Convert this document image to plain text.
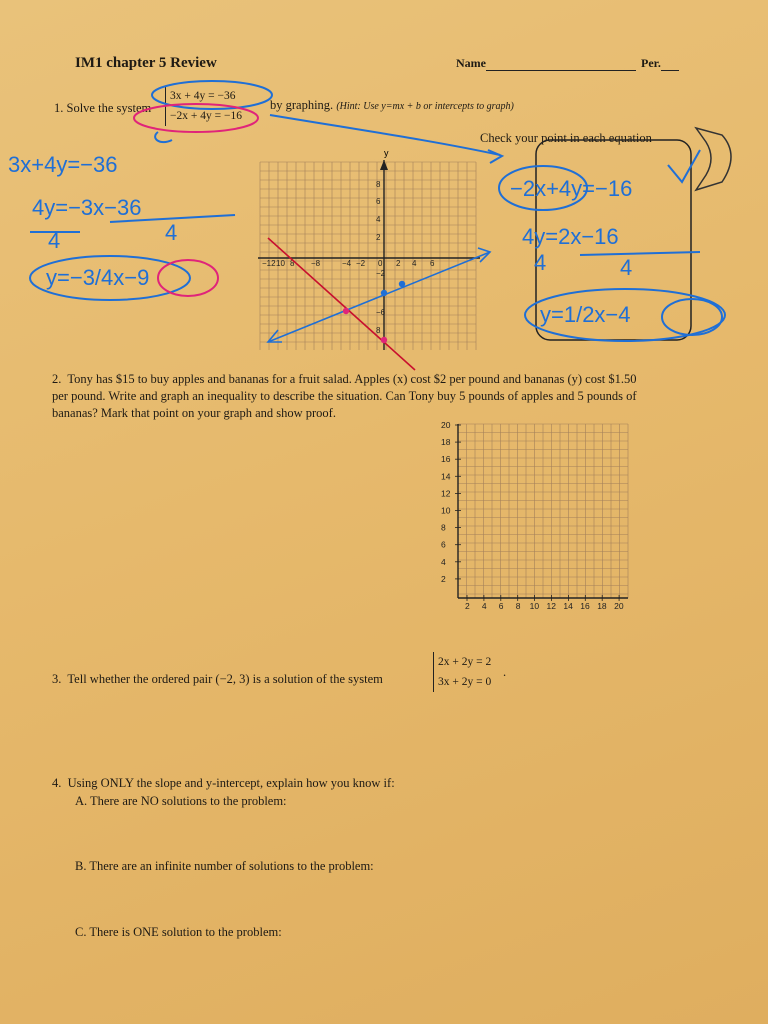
IM1 chapter 5 Review	Name	Per.
1. Solve the system
3x + 4y = −36
−2x + 4y = −16
by graphing. (Hint: Use y=mx + b or intercepts to graph)
Check your point in each equation
y
−12 10 8 −8	−4 −2 0 2 4 6
8
6
4
2
−2
−6
8
3x+4y=−36
4y=−3x−36
4	4
y=−3/4x−9
−2x+4y=−16
4y=2x−16
4	4
y=1/2x−4
20
18
16
14
12
10
8
6
4
2
2 4 6 8 10 12 14 16 18 20
2. Tony has $15 to buy apples and bananas for a fruit salad. Apples (x) cost $2 per pound and bananas (y) cost $1.50
per pound. Write and graph an inequality to describe the situation. Can Tony buy 5 pounds of apples and 5 pounds of
bananas? Mark that point on your graph and show proof.
3. Tell whether the ordered pair (−2, 3) is a solution of the system
2x + 2y = 2
3x + 2y = 0
.
4. Using ONLY the slope and y-intercept, explain how you know if:
A. There are NO solutions to the problem:
B. There are an infinite number of solutions to the problem:
C. There is ONE solution to the problem:
